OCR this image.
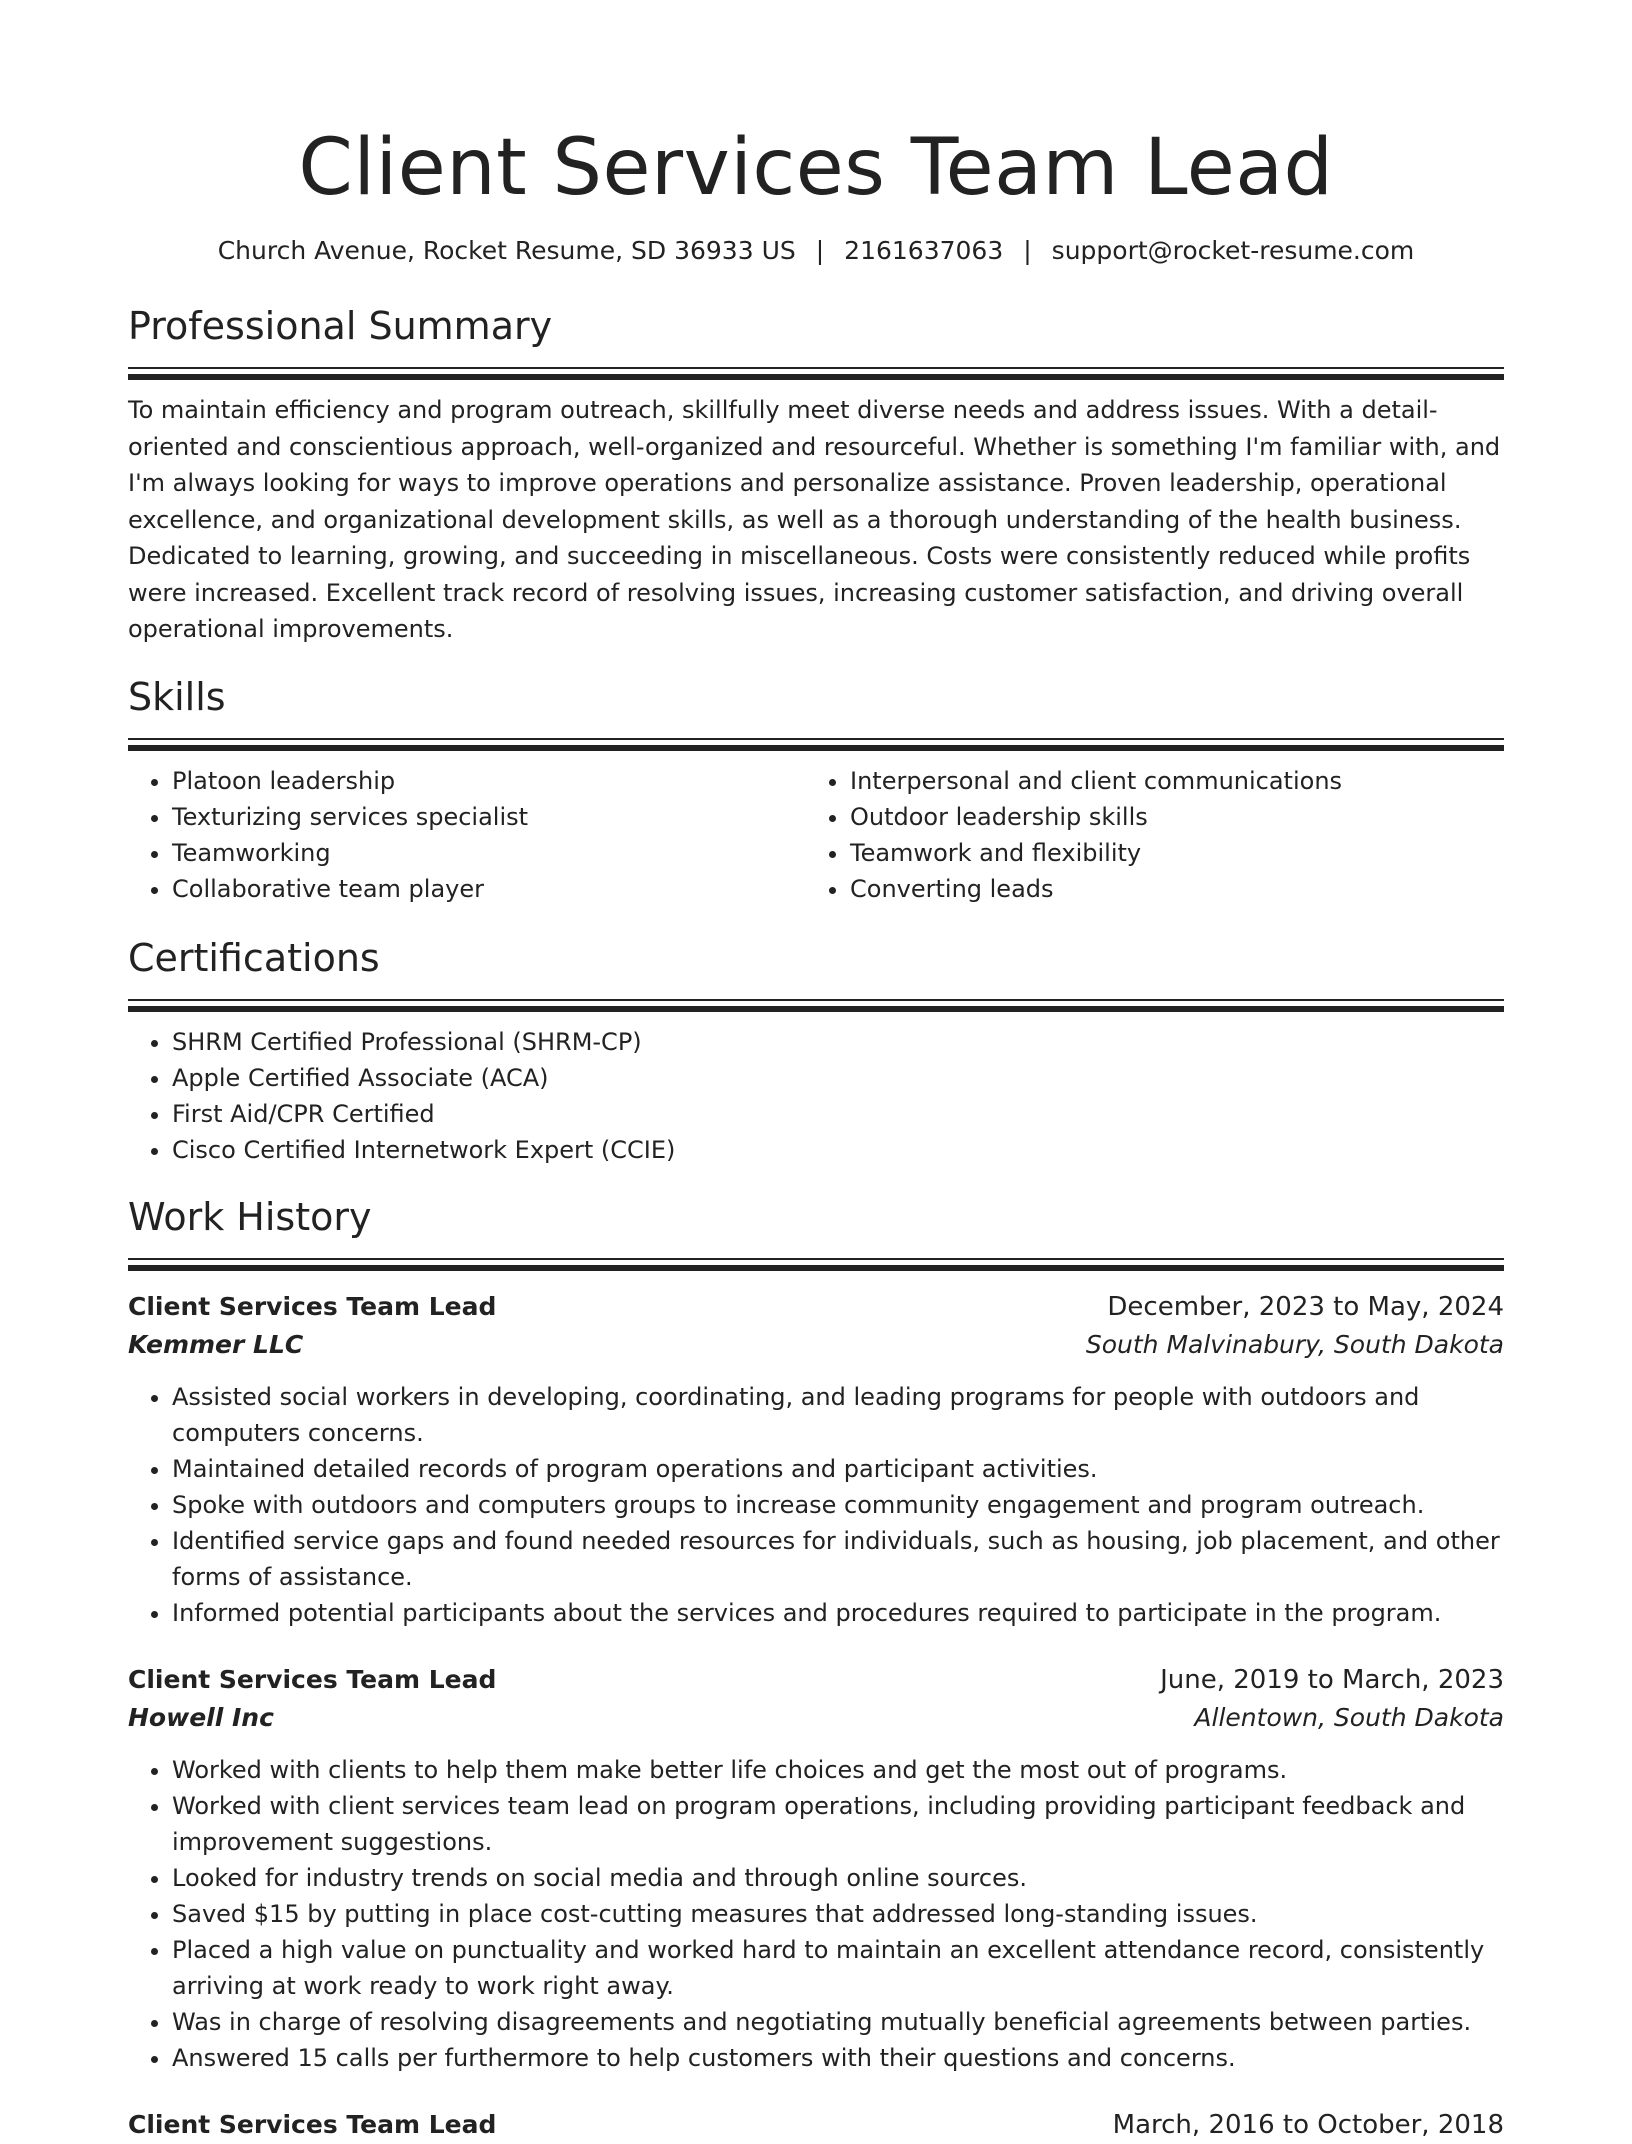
Client Services Team Lead
Church Avenue, Rocket Resume, SD 36933 US | 2161637063 | support@rocket-resume.com
Professional Summary
To maintain efficiency and program outreach, skillfully meet diverse needs and address issues. With a detail-oriented and conscientious approach, well-organized and resourceful. Whether is something I'm familiar with, and I'm always looking for ways to improve operations and personalize assistance. Proven leadership, operational excellence, and organizational development skills, as well as a thorough understanding of the health business. Dedicated to learning, growing, and succeeding in miscellaneous. Costs were consistently reduced while profits were increased. Excellent track record of resolving issues, increasing customer satisfaction, and driving overall operational improvements.
Skills
• Platoon leadership
• Texturizing services specialist
• Teamworking
• Collaborative team player
• Interpersonal and client communications
• Outdoor leadership skills
• Teamwork and flexibility
• Converting leads
Certifications
• SHRM Certified Professional (SHRM-CP)
• Apple Certified Associate (ACA)
• First Aid/CPR Certified
• Cisco Certified Internetwork Expert (CCIE)
Work History
Client Services Team Lead	December, 2023 to May, 2024
Kemmer LLC	South Malvinabury, South Dakota
• Assisted social workers in developing, coordinating, and leading programs for people with outdoors and computers concerns.
• Maintained detailed records of program operations and participant activities.
• Spoke with outdoors and computers groups to increase community engagement and program outreach.
• Identified service gaps and found needed resources for individuals, such as housing, job placement, and other forms of assistance.
• Informed potential participants about the services and procedures required to participate in the program.
Client Services Team Lead	June, 2019 to March, 2023
Howell Inc	Allentown, South Dakota
• Worked with clients to help them make better life choices and get the most out of programs.
• Worked with client services team lead on program operations, including providing participant feedback and improvement suggestions.
• Looked for industry trends on social media and through online sources.
• Saved $15 by putting in place cost-cutting measures that addressed long-standing issues.
• Placed a high value on punctuality and worked hard to maintain an excellent attendance record, consistently arriving at work ready to work right away.
• Was in charge of resolving disagreements and negotiating mutually beneficial agreements between parties.
• Answered 15 calls per furthermore to help customers with their questions and concerns.
Client Services Team Lead	March, 2016 to October, 2018
